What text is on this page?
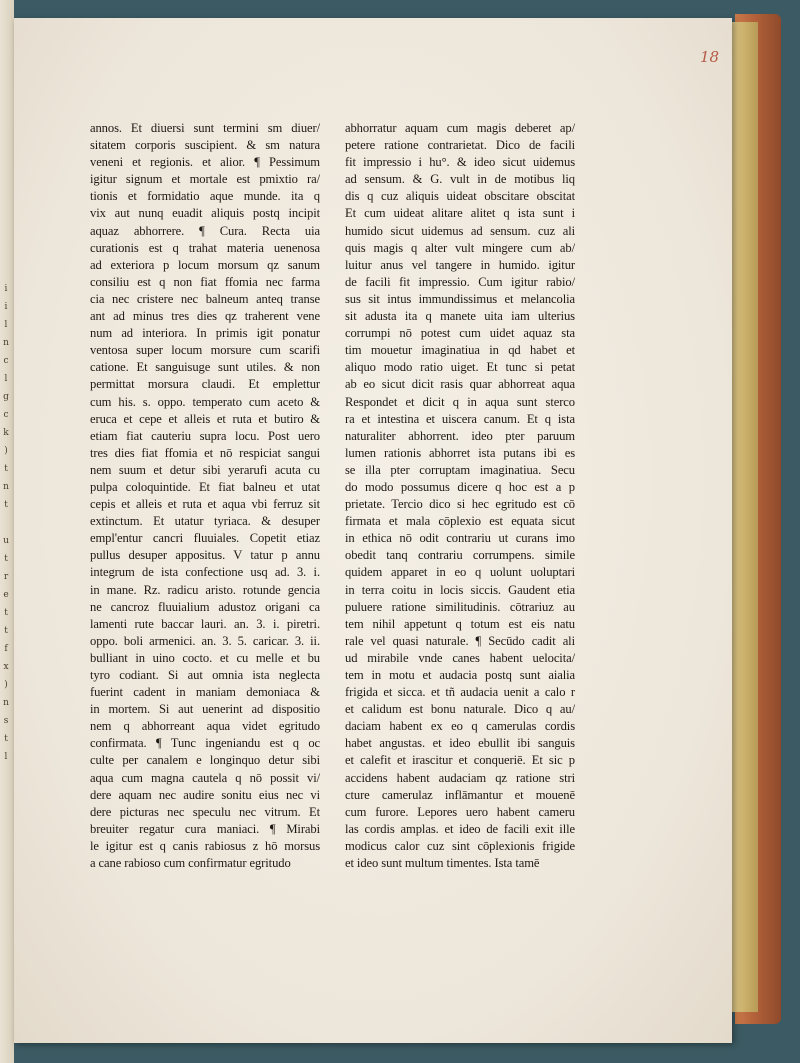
i
i
l
n
c
l
g
c
k
)
t
n
t

u
t
r
e
t
t
f
x
)
n
s
t
l
18
annos. Et diuersi sunt termini sm diuer/
sitatem corporis suscipient. & sm natura
veneni et regionis. et alior. ¶ Pessimum
igitur signum et mortale est pmixtio ra/
tionis et formidatio aque munde. ita q
vix aut nunq euadit aliquis postq incipit
aquaz abhorrere. ¶ Cura. Recta uia
curationis est q trahat materia uenenosa
ad exteriora p locum morsum qz sanum
consiliu est q non fiat ffomia nec farma
cia nec cristere nec balneum anteq transe
ant ad minus tres dies qz traherent vene
num ad interiora. In primis igit ponatur
ventosa super locum morsure cum scarifi
catione. Et sanguisuge sunt utiles. & non
permittat morsura claudi. Et emplettur
cum his. s. oppo. temperato cum aceto &
eruca et cepe et alleis et ruta et butiro &
etiam fiat cauteriu supra locu. Post uero
tres dies fiat ffomia et nō respiciat sangui
nem suum et detur sibi yerarufi acuta cu
pulpa coloquintide. Et fiat balneu et utat
cepis et alleis et ruta et aqua vbi ferruz sit
extinctum. Et utatur tyriaca. & desuper
empl'entur cancri fluuiales. Copetit etiaz
pullus desuper appositus. V tatur p annu
integrum de ista confectione usq ad. 3. i.
in mane. Rz. radicu aristo. rotunde gencia
ne cancroz fluuialium adustoz origani ca
lamenti rute baccar lauri. an. 3. i. piretri.
oppo. boli armenici. an. 3. 5. caricar. 3. ii.
bulliant in uino cocto. et cu melle et bu
tyro codiant. Si aut omnia ista neglecta
fuerint cadent in maniam demoniaca &
in mortem. Si aut uenerint ad dispositio
nem q abhorreant aqua videt egritudo
confirmata. ¶ Tunc ingeniandu est q oc
culte per canalem e longinquo detur sibi
aqua cum magna cautela q nō possit vi/
dere aquam nec audire sonitu eius nec vi
dere picturas nec speculu nec vitrum. Et
breuiter regatur cura maniaci. ¶ Mirabi
le igitur est q canis rabiosus z hō morsus
a cane rabioso cum confirmatur egritudo
abhorratur aquam cum magis deberet ap/
petere ratione contrarietat. Dico de facili
fit impressio i hu°. & ideo sicut uidemus
ad sensum. & G. vult in de motibus liq
dis q cuz aliquis uideat obscitare obscitat
Et cum uideat alitare alitet q ista sunt i
humido sicut uidemus ad sensum. cuz ali
quis magis q alter vult mingere cum ab/
luitur anus vel tangere in humido. igitur
de facili fit impressio. Cum igitur rabio/
sus sit intus immundissimus et melancolia
sit adusta ita q manete uita iam ulterius
corrumpi nō potest cum uidet aquaz sta
tim mouetur imaginatiua in qd habet et
aliquo modo ratio uiget. Et tunc si petat
ab eo sicut dicit rasis quar abhorreat aqua
Respondet et dicit q in aqua sunt sterco
ra et intestina et uiscera canum. Et q ista
naturaliter abhorrent. ideo pter paruum
lumen rationis abhorret ista putans ibi es
se illa pter corruptam imaginatiua. Secu
do modo possumus dicere q hoc est a p
prietate. Tercio dico si hec egritudo est cō
firmata et mala cōplexio est equata sicut
in ethica nō odit contrariu ut curans imo
obedit tanq contrariu corrumpens. simile
quidem apparet in eo q uolunt uoluptari
in terra coitu in locis siccis. Gaudent etia
puluere ratione similitudinis. cōtrariuz au
tem nihil appetunt q totum est eis natu
rale vel quasi naturale. ¶ Secūdo cadit ali
ud mirabile vnde canes habent uelocita/
tem in motu et audacia postq sunt aialia
frigida et sicca. et tñ audacia uenit a calo r
et calidum est bonu naturale. Dico q au/
daciam habent ex eo q camerulas cordis
habet angustas. et ideo ebullit ibi sanguis
et calefit et irascitur et conqueriē. Et sic p
accidens habent audaciam qz ratione stri
cture camerulaz inflāmantur et mouenē
cum furore. Lepores uero habent cameru
las cordis amplas. et ideo de facili exit ille
modicus calor cuz sint cōplexionis frigide
et ideo sunt multum timentes. Ista tamē
